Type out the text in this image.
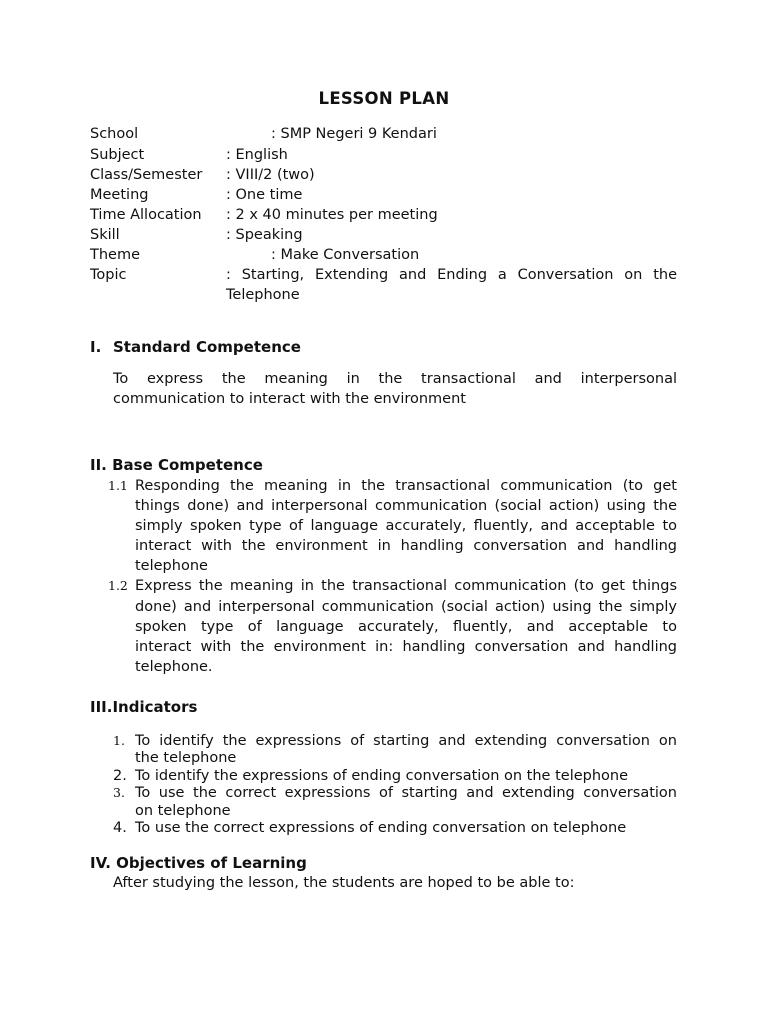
LESSON PLAN
School	: SMP Negeri 9 Kendari
Subject	: English
Class/Semester : VIII/2 (two)
Meeting	: One time
Time Allocation : 2 x 40 minutes per meeting
Skill	: Speaking
Theme	: Make Conversation
Topic	: Starting, Extending and Ending a Conversation on the
Telephone
I. Standard Competence
To express the meaning in the transactional and interpersonal
communication to interact with the environment
II. Base Competence
1.1 Responding the meaning in the transactional communication (to get
things done) and interpersonal communication (social action) using the
simply spoken type of language accurately, fluently, and acceptable to
interact with the environment in handling conversation and handling
telephone
1.2 Express the meaning in the transactional communication (to get things
done) and interpersonal communication (social action) using the simply
spoken type of language accurately, fluently, and acceptable to
interact with the environment in: handling conversation and handling
telephone.
III.Indicators
1. To identify the expressions of starting and extending conversation on
the telephone
2. To identify the expressions of ending conversation on the telephone
3. To use the correct expressions of starting and extending conversation
on telephone
4. To use the correct expressions of ending conversation on telephone
IV. Objectives of Learning
After studying the lesson, the students are hoped to be able to:
